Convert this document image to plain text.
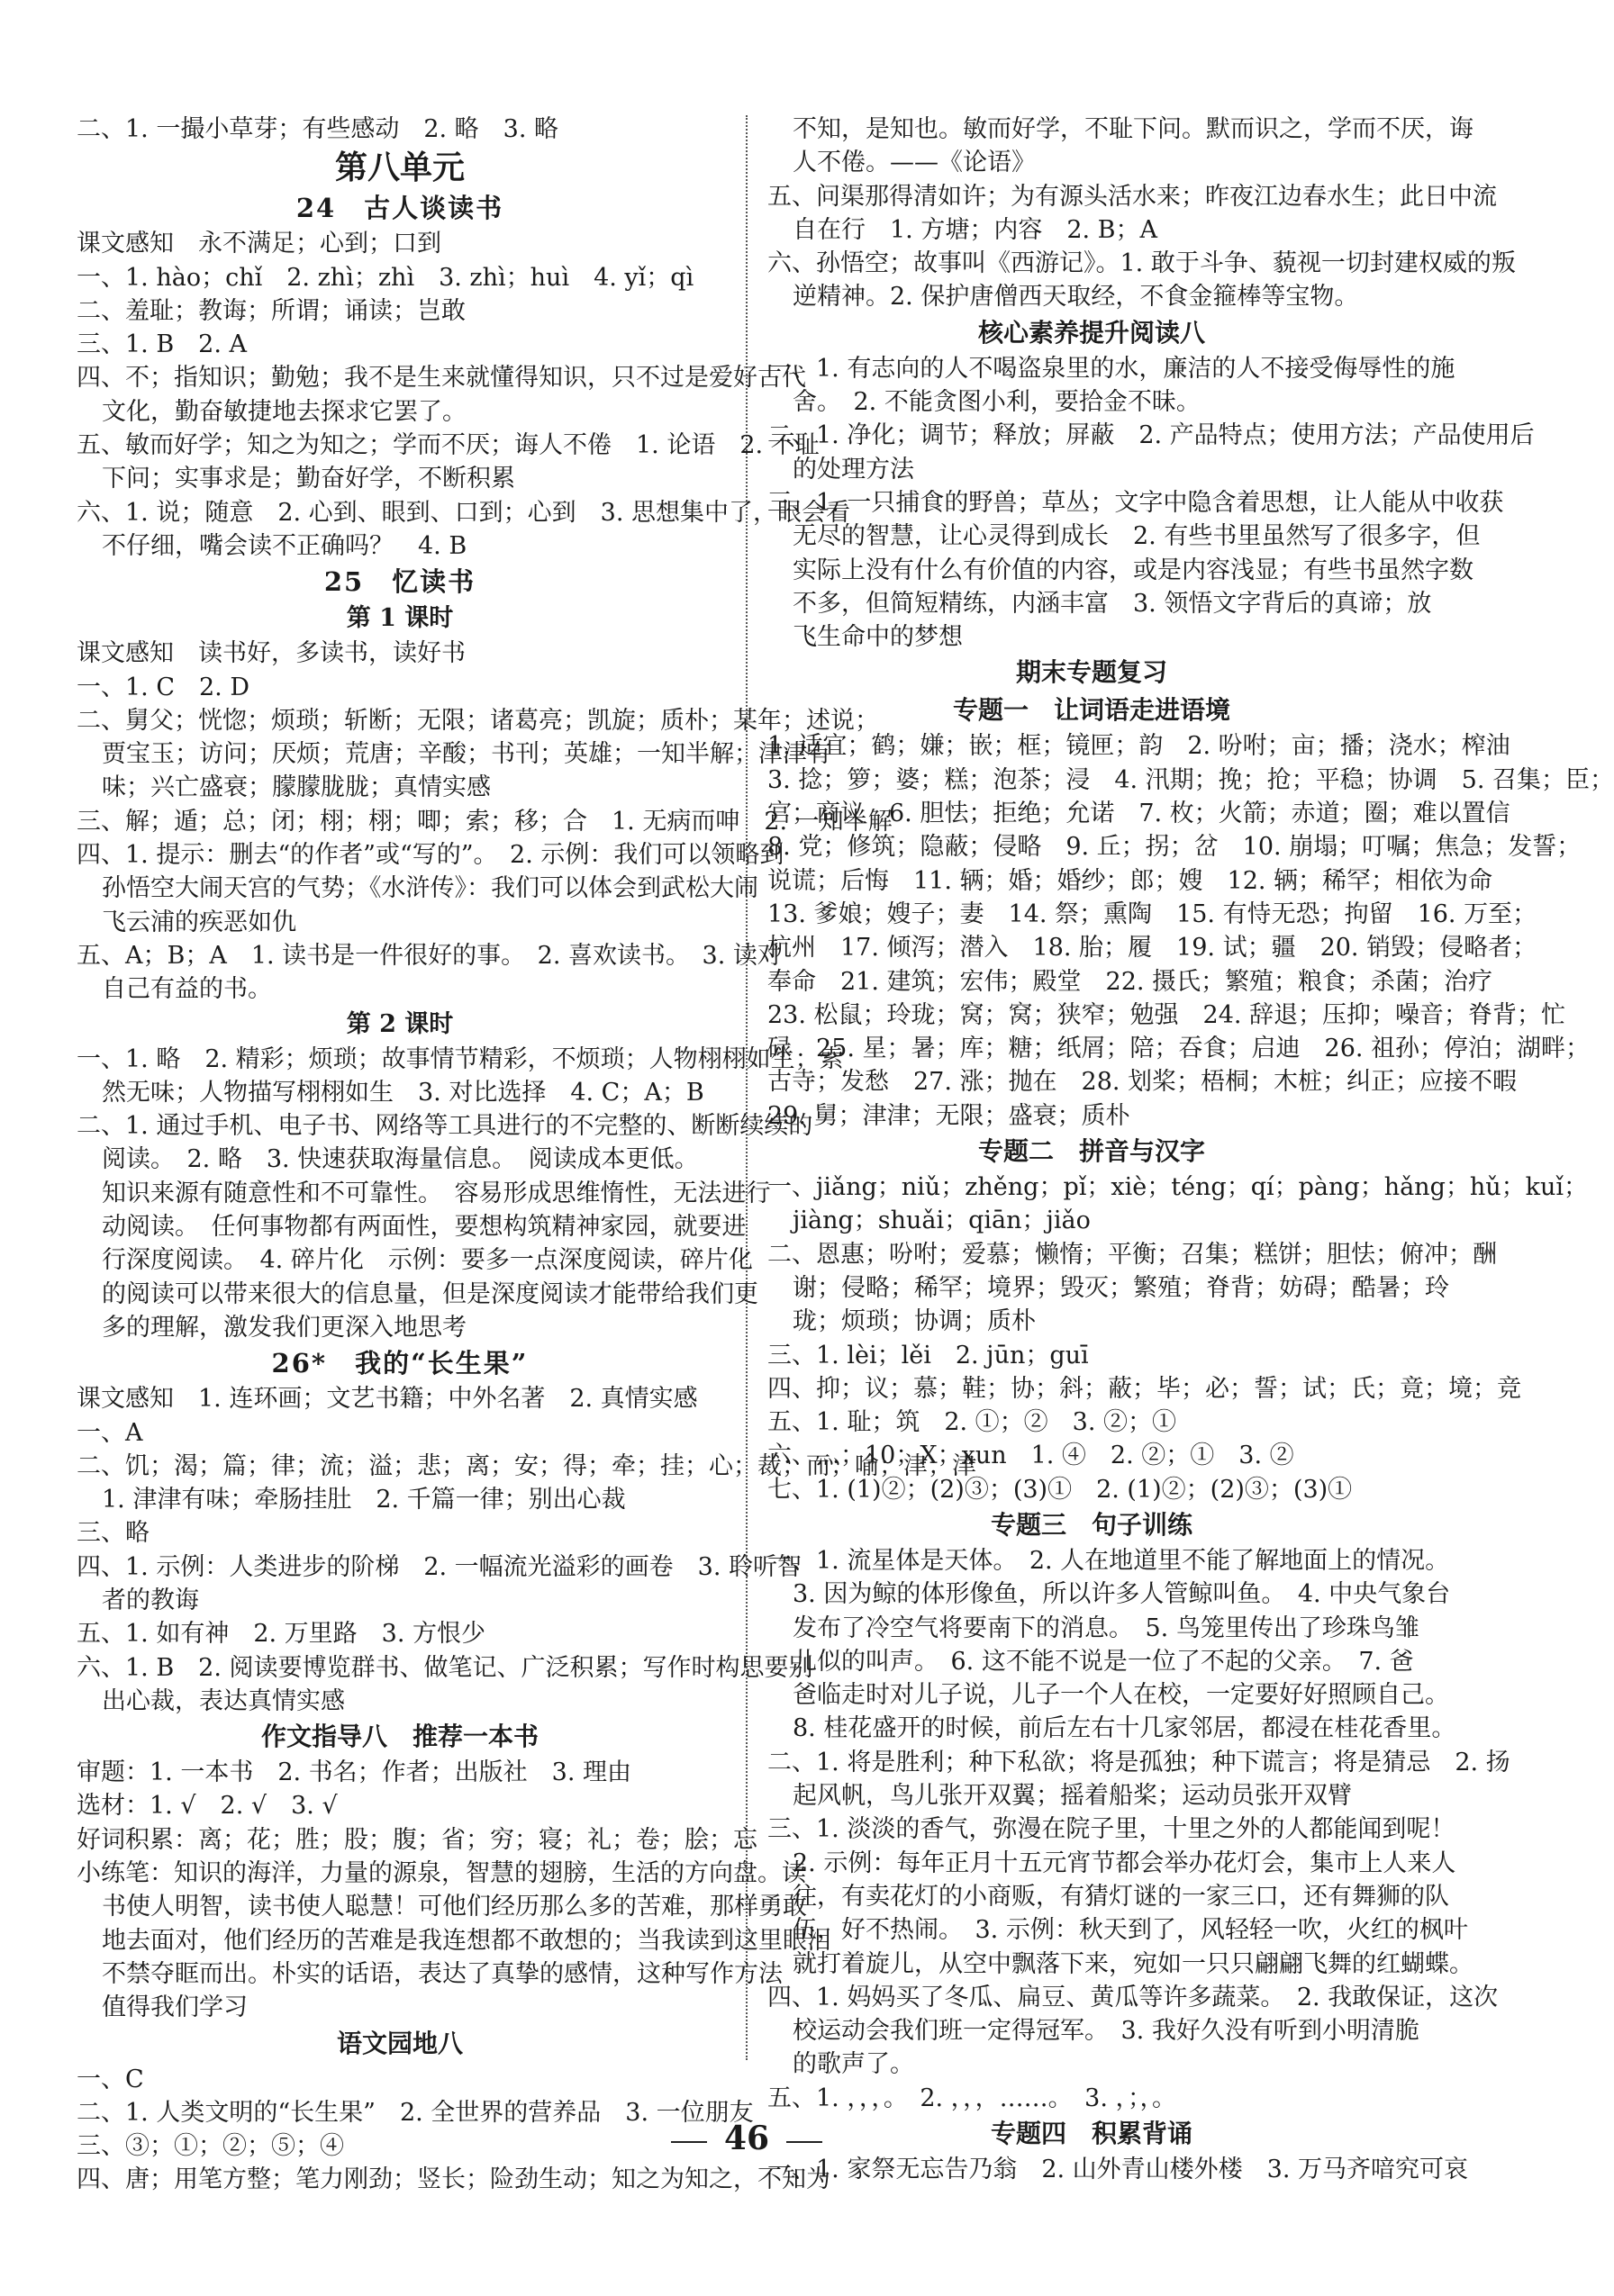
二、1. 一撮小草芽；有些感动　2. 略　3. 略
第八单元
24　古人谈读书
课文感知　永不满足；心到；口到
一、1. hào；chǐ　2. zhì；zhì　3. zhì；huì　4. yǐ；qì
二、羞耻；教诲；所谓；诵读；岂敢
三、1. B　2. A
四、不；指知识；勤勉；我不是生来就懂得知识，只不过是爱好古代
文化，勤奋敏捷地去探求它罢了。
五、敏而好学；知之为知之；学而不厌；诲人不倦　1. 论语　2. 不耻
下问；实事求是；勤奋好学，不断积累
六、1. 说；随意　2. 心到、眼到、口到；心到　3. 思想集中了，眼会看
不仔细，嘴会读不正确吗？　4. B
25　忆读书
第 1 课时
课文感知　读书好，多读书，读好书
一、1. C　2. D
二、舅父；恍惚；烦琐；斩断；无限；诸葛亮；凯旋；质朴；某年；述说；
贾宝玉；访问；厌烦；荒唐；辛酸；书刊；英雄；一知半解；津津有
味；兴亡盛衰；朦朦胧胧；真情实感
三、解；遁；总；闭；栩；栩；唧；索；移；合　1. 无病而呻　2. 一知半解
四、1. 提示：删去“的作者”或“写的”。　2. 示例：我们可以领略到
孙悟空大闹天宫的气势；《水浒传》：我们可以体会到武松大闹
飞云浦的疾恶如仇
五、A；B；A　1. 读书是一件很好的事。　2. 喜欢读书。　3. 读对
自己有益的书。
第 2 课时
一、1. 略　2. 精彩；烦琐；故事情节精彩，不烦琐；人物栩栩如生；索
然无味；人物描写栩栩如生　3. 对比选择　4. C；A；B
二、1. 通过手机、电子书、网络等工具进行的不完整的、断断续续的
阅读。　2. 略　3. 快速获取海量信息。　阅读成本更低。
知识来源有随意性和不可靠性。　容易形成思维惰性，无法进行
动阅读。　任何事物都有两面性，要想构筑精神家园，就要进
行深度阅读。　4. 碎片化　示例：要多一点深度阅读，碎片化
的阅读可以带来很大的信息量，但是深度阅读才能带给我们更
多的理解，激发我们更深入地思考
26*　我的“长生果”
课文感知　1. 连环画；文艺书籍；中外名著　2. 真情实感
一、A
二、饥；渴；篇；律；流；溢；悲；离；安；得；牵；挂；心；裁；而；喻；津；津
1. 津津有味；牵肠挂肚　2. 千篇一律；别出心裁
三、略
四、1. 示例：人类进步的阶梯　2. 一幅流光溢彩的画卷　3. 聆听智
者的教诲
五、1. 如有神　2. 万里路　3. 方恨少
六、1. B　2. 阅读要博览群书、做笔记、广泛积累；写作时构思要别
出心裁，表达真情实感
作文指导八　推荐一本书
审题：1. 一本书　2. 书名；作者；出版社　3. 理由
选材：1. √　2. √　3. √
好词积累：离；花；胜；股；腹；省；穷；寝；礼；卷；脍；忘
小练笔：知识的海洋，力量的源泉，智慧的翅膀，生活的方向盘。读
书使人明智，读书使人聪慧！可他们经历那么多的苦难，那样勇敢
地去面对，他们经历的苦难是我连想都不敢想的；当我读到这里眼泪
不禁夺眶而出。朴实的话语，表达了真挚的感情，这种写作方法
值得我们学习
语文园地八
一、C
二、1. 人类文明的“长生果”　2. 全世界的营养品　3. 一位朋友
三、③；①；②；⑤；④
四、唐；用笔方整；笔力刚劲；竖长；险劲生动；知之为知之，不知为
不知，是知也。敏而好学，不耻下问。默而识之，学而不厌，诲
人不倦。——《论语》
五、问渠那得清如许；为有源头活水来；昨夜江边春水生；此日中流
自在行　1. 方塘；内容　2. B；A
六、孙悟空；故事叫《西游记》。1. 敢于斗争、藐视一切封建权威的叛
逆精神。2. 保护唐僧西天取经，不食金箍棒等宝物。
核心素养提升阅读八
一、1. 有志向的人不喝盗泉里的水，廉洁的人不接受侮辱性的施
舍。　2. 不能贪图小利，要拾金不昧。
二、1. 净化；调节；释放；屏蔽　2. 产品特点；使用方法；产品使用后
的处理方法
三、1. 一只捕食的野兽；草丛；文字中隐含着思想，让人能从中收获
无尽的智慧，让心灵得到成长　2. 有些书里虽然写了很多字，但
实际上没有什么有价值的内容，或是内容浅显；有些书虽然字数
不多，但简短精练，内涵丰富　3. 领悟文字背后的真谛；放
飞生命中的梦想
期末专题复习
专题一　让词语走进语境
1. 适宜；鹤；嫌；嵌；框；镜匣；韵　2. 吩咐；亩；播；浇水；榨油
3. 捻；箩；婆；糕；泡茶；浸　4. 汛期；挽；抢；平稳；协调　5. 召集；臣；
宫；商议　6. 胆怯；拒绝；允诺　7. 枚；火箭；赤道；圈；难以置信
8. 党；修筑；隐蔽；侵略　9. 丘；拐；岔　10. 崩塌；叮嘱；焦急；发誓；
说谎；后悔　11. 辆；婚；婚纱；郎；嫂　12. 辆；稀罕；相依为命
13. 爹娘；嫂子；妻　14. 祭；熏陶　15. 有恃无恐；拘留　16. 万至；
杭州　17. 倾泻；潜入　18. 胎；履　19. 试；疆　20. 销毁；侵略者；
奉命　21. 建筑；宏伟；殿堂　22. 摄氏；繁殖；粮食；杀菌；治疗
23. 松鼠；玲珑；窝；窝；狭窄；勉强　24. 辞退；压抑；噪音；脊背；忙
碌　25. 星；暑；库；糖；纸屑；陪；吞食；启迪　26. 祖孙；停泊；湖畔；
古寺；发愁　27. 涨；抛在　28. 划桨；梧桐；木桩；纠正；应接不暇
29. 舅；津津；无限；盛衰；质朴
专题二　拼音与汉字
一、jiǎng；niǔ；zhěng；pǐ；xiè；téng；qí；pàng；hǎng；hǔ；kuǐ；
jiàng；shuǎi；qiān；jiǎo
二、恩惠；吩咐；爱慕；懒惰；平衡；召集；糕饼；胆怯；俯冲；酬
谢；侵略；稀罕；境界；毁灭；繁殖；脊背；妨碍；酷暑；玲
珑；烦琐；协调；质朴
三、1. lèi；lěi　2. jūn；guī
四、抑；议；慕；鞋；协；斜；蔽；毕；必；誓；试；氏；竟；境；竞
五、1. 耻；筑　2. ①；②　3. ②；①
六、灬；10；X；xun　1. ④　2. ②；①　3. ②
七、1. (1)②；(2)③；(3)①　2. (1)②；(2)③；(3)①
专题三　句子训练
一、1. 流星体是天体。　2. 人在地道里不能了解地面上的情况。
3. 因为鲸的体形像鱼，所以许多人管鲸叫鱼。　4. 中央气象台
发布了冷空气将要南下的消息。　5. 鸟笼里传出了珍珠鸟雏
儿似的叫声。　6. 这不能不说是一位了不起的父亲。　7. 爸
爸临走时对儿子说，儿子一个人在校，一定要好好照顾自己。
8. 桂花盛开的时候，前后左右十几家邻居，都浸在桂花香里。
二、1. 将是胜利；种下私欲；将是孤独；种下谎言；将是猜忌　2. 扬
起风帆，鸟儿张开双翼；摇着船桨；运动员张开双臂
三、1. 淡淡的香气，弥漫在院子里，十里之外的人都能闻到呢！
2. 示例：每年正月十五元宵节都会举办花灯会，集市上人来人
往，有卖花灯的小商贩，有猜灯谜的一家三口，还有舞狮的队
伍，好不热闹。　3. 示例：秋天到了，风轻轻一吹，火红的枫叶
就打着旋儿，从空中飘落下来，宛如一只只翩翩飞舞的红蝴蝶。
四、1. 妈妈买了冬瓜、扁豆、黄瓜等许多蔬菜。　2. 我敢保证，这次
校运动会我们班一定得冠军。　3. 我好久没有听到小明清脆
的歌声了。
五、1. ，，，。　2. ，，，……。　3. ，；，。
专题四　积累背诵
一、1. 家祭无忘告乃翁　2. 山外青山楼外楼　3. 万马齐喑究可哀
46
